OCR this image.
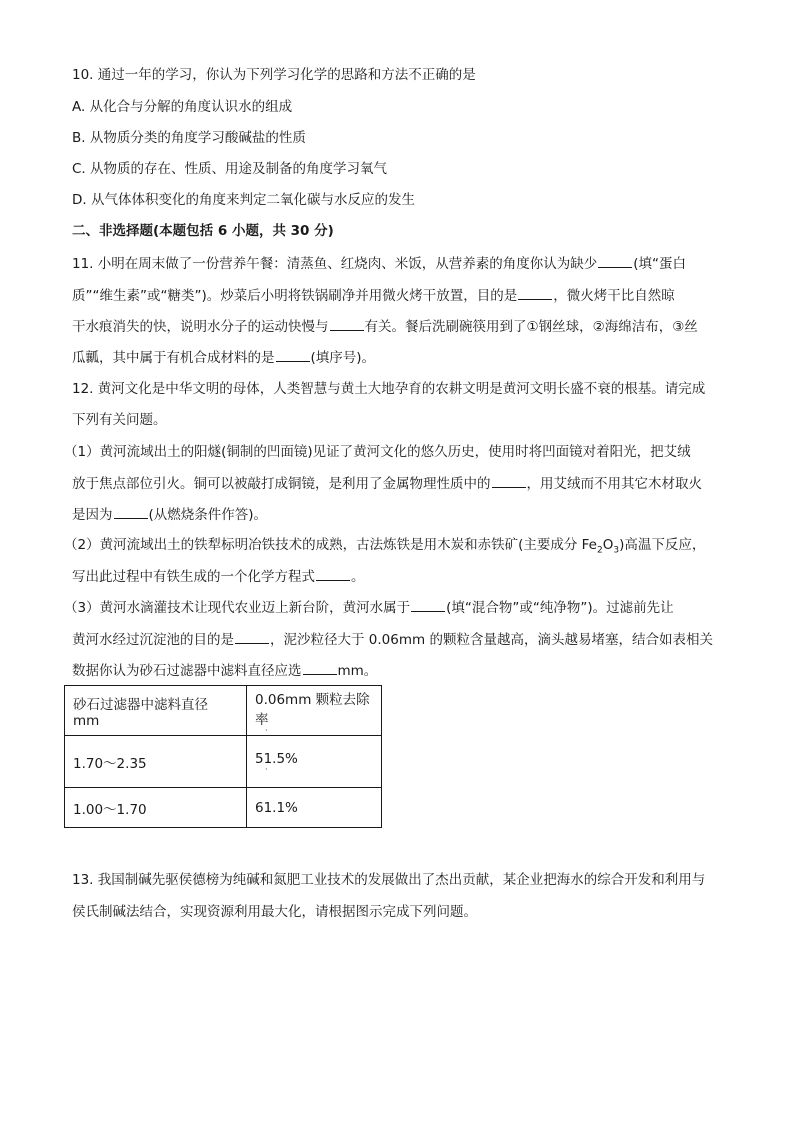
10. 通过一年的学习，你认为下列学习化学的思路和方法不正确的是
A. 从化合与分解的角度认识水的组成
B. 从物质分类的角度学习酸碱盐的性质
C. 从物质的存在、性质、用途及制备的角度学习氧气
D. 从气体体积变化的角度来判定二氧化碳与水反应的发生
二、非选择题(本题包括 6 小题，共 30 分)
11. 小明在周末做了一份营养午餐：清蒸鱼、红烧肉、米饭，从营养素的角度你认为缺少	(填“蛋白
质”“维生素”或“糖类”)。炒菜后小明将铁锅刷净并用微火烤干放置，目的是	，微火烤干比自然晾
干水痕消失的快，说明水分子的运动快慢与	有关。餐后洗刷碗筷用到了①钢丝球，②海绵洁布，③丝
瓜瓤，其中属于有机合成材料的是	(填序号)。
12. 黄河文化是中华文明的母体，人类智慧与黄土大地孕育的农耕文明是黄河文明长盛不衰的根基。请完成
下列有关问题。
（1）黄河流域出土的阳燧(铜制的凹面镜)见证了黄河文化的悠久历史，使用时将凹面镜对着阳光，把艾绒
放于焦点部位引火。铜可以被敲打成铜镜，是利用了金属物理性质中的	，用艾绒而不用其它木材取火
是因为	(从燃烧条件作答)。
（2）黄河流域出土的铁犁标明冶铁技术的成熟，古法炼铁是用木炭和赤铁矿(主要成分 $Fe_2O_3$)高温下反应，
写出此过程中有铁生成的一个化学方程式	。
（3）黄河水滴灌技术让现代农业迈上新台阶，黄河水属于	(填“混合物”或“纯净物”)。过滤前先让
黄河水经过沉淀池的目的是	，泥沙粒径大于 0.06mm 的颗粒含量越高，滴头越易堵塞，结合如表相关
数据你认为砂石过滤器中滤料直径应选	mm。
砂石过滤器中滤料直径 mm	0.06mm 颗粒去除率
·

1.70～2.35	51.5%
·

1.00～1.70	61.1%
13. 我国制碱先驱侯德榜为纯碱和氮肥工业技术的发展做出了杰出贡献，某企业把海水的综合开发和利用与
侯氏制碱法结合，实现资源利用最大化，请根据图示完成下列问题。
